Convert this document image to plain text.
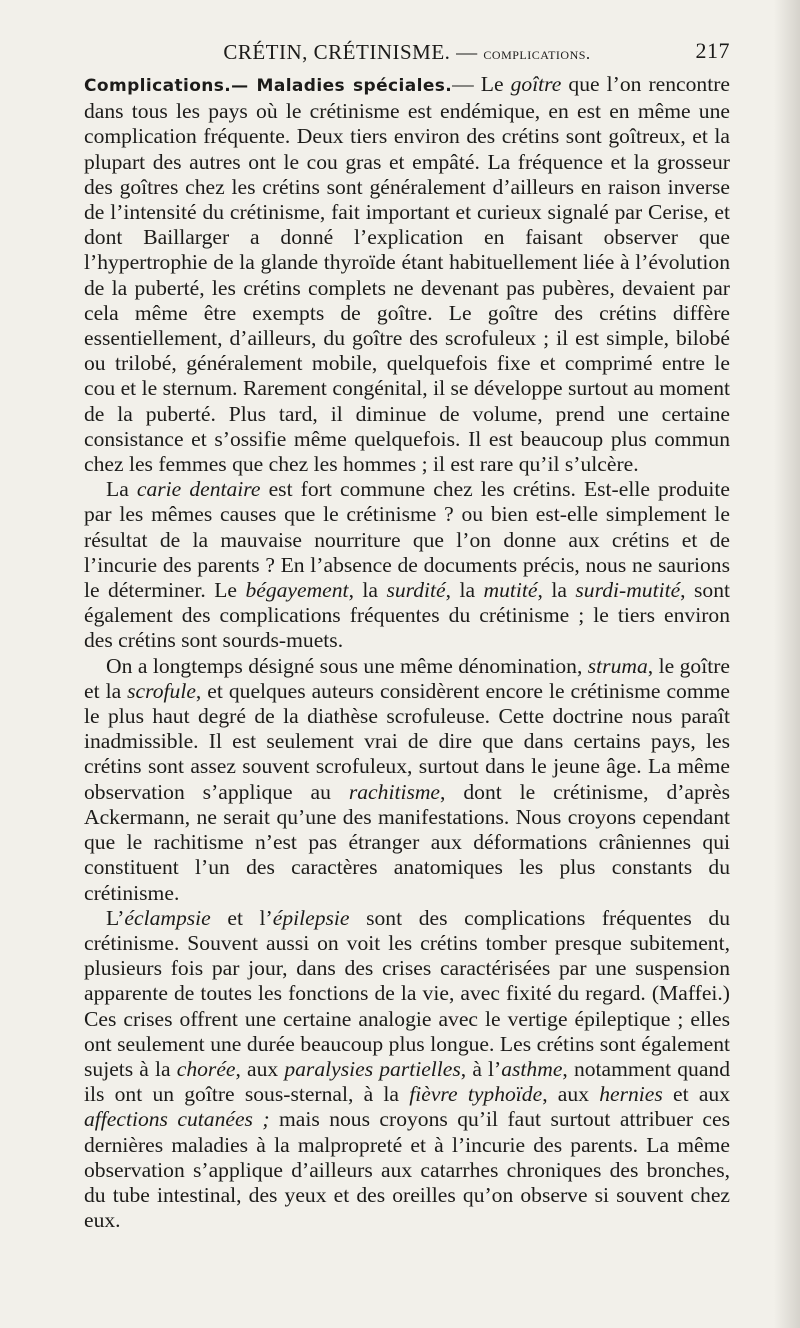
CRÉTIN, CRÉTINISME. — complications.	217

Complications.— Maladies spéciales.— Le goître que l’on rencontre dans tous les pays où le crétinisme est endémique, en est en même une complication fréquente. Deux tiers environ des crétins sont goîtreux, et la plupart des autres ont le cou gras et empâté. La fréquence et la grosseur des goîtres chez les crétins sont généralement d’ailleurs en raison inverse de l’intensité du crétinisme, fait important et curieux signalé par Cerise, et dont Baillarger a donné l’explication en faisant observer que l’hypertrophie de la glande thyroïde étant habituellement liée à l’évolution de la puberté, les crétins complets ne devenant pas pubères, devaient par cela même être exempts de goître. Le goître des crétins diffère essentiellement, d’ailleurs, du goître des scrofuleux ; il est simple, bilobé ou trilobé, généralement mobile, quelquefois fixe et comprimé entre le cou et le sternum. Rarement congénital, il se développe surtout au moment de la puberté. Plus tard, il diminue de volume, prend une certaine consistance et s’ossifie même quelquefois. Il est beaucoup plus commun chez les femmes que chez les hommes ; il est rare qu’il s’ulcère.

La carie dentaire est fort commune chez les crétins. Est-elle produite par les mêmes causes que le crétinisme ? ou bien est-elle simplement le résultat de la mauvaise nourriture que l’on donne aux crétins et de l’incurie des parents ? En l’absence de documents précis, nous ne saurions le déterminer. Le bégayement, la surdité, la mutité, la surdi-mutité, sont également des complications fréquentes du crétinisme ; le tiers environ des crétins sont sourds-muets.

On a longtemps désigné sous une même dénomination, struma, le goître et la scrofule, et quelques auteurs considèrent encore le crétinisme comme le plus haut degré de la diathèse scrofuleuse. Cette doctrine nous paraît inadmissible. Il est seulement vrai de dire que dans certains pays, les crétins sont assez souvent scrofuleux, surtout dans le jeune âge. La même observation s’applique au rachitisme, dont le crétinisme, d’après Ackermann, ne serait qu’une des manifestations. Nous croyons cependant que le rachitisme n’est pas étranger aux déformations crâniennes qui constituent l’un des caractères anatomiques les plus constants du crétinisme.

L’éclampsie et l’épilepsie sont des complications fréquentes du crétinisme. Souvent aussi on voit les crétins tomber presque subitement, plusieurs fois par jour, dans des crises caractérisées par une suspension apparente de toutes les fonctions de la vie, avec fixité du regard. (Maffei.) Ces crises offrent une certaine analogie avec le vertige épileptique ; elles ont seulement une durée beaucoup plus longue. Les crétins sont également sujets à la chorée, aux paralysies partielles, à l’asthme, notamment quand ils ont un goître sous-sternal, à la fièvre typhoïde, aux hernies et aux affections cutanées ; mais nous croyons qu’il faut surtout attribuer ces dernières maladies à la malpropreté et à l’incurie des parents. La même observation s’applique d’ailleurs aux catarrhes chroniques des bronches, du tube intestinal, des yeux et des oreilles qu’on observe si souvent chez eux.
